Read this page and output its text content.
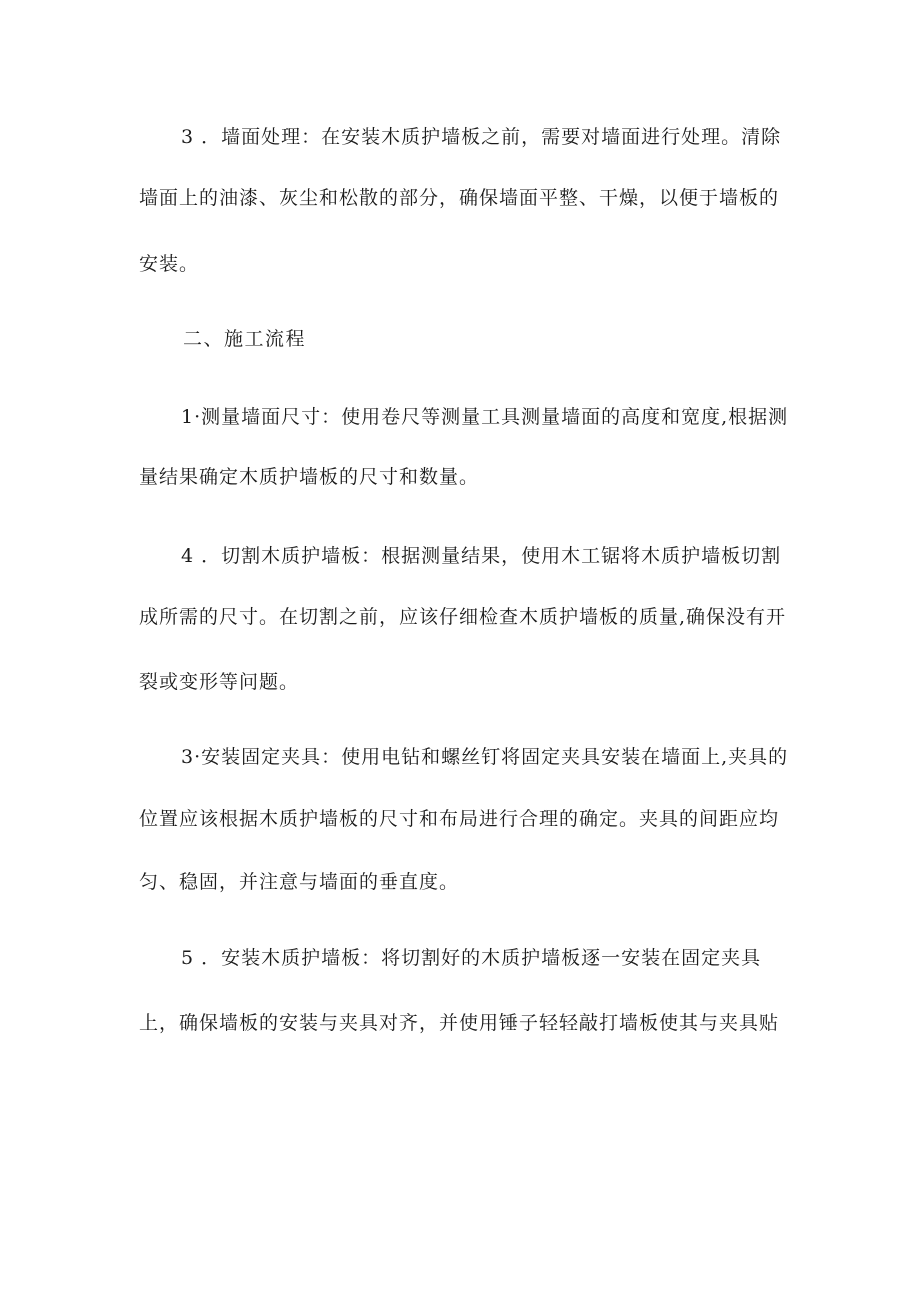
3 ．墙面处理：在安装木质护墙板之前，需要对墙面进行处理。清除
墙面上的油漆、灰尘和松散的部分，确保墙面平整、干燥，以便于墙板的
安装。
二、施工流程
1·测量墙面尺寸：使用卷尺等测量工具测量墙面的高度和宽度,根据测
量结果确定木质护墙板的尺寸和数量。
4 ．切割木质护墙板：根据测量结果，使用木工锯将木质护墙板切割
成所需的尺寸。在切割之前，应该仔细检查木质护墙板的质量,确保没有开
裂或变形等问题。
3·安装固定夹具：使用电钻和螺丝钉将固定夹具安装在墙面上,夹具的
位置应该根据木质护墙板的尺寸和布局进行合理的确定。夹具的间距应均
匀、稳固，并注意与墙面的垂直度。
5 ．安装木质护墙板：将切割好的木质护墙板逐一安装在固定夹具
上，确保墙板的安装与夹具对齐，并使用锤子轻轻敲打墙板使其与夹具贴
